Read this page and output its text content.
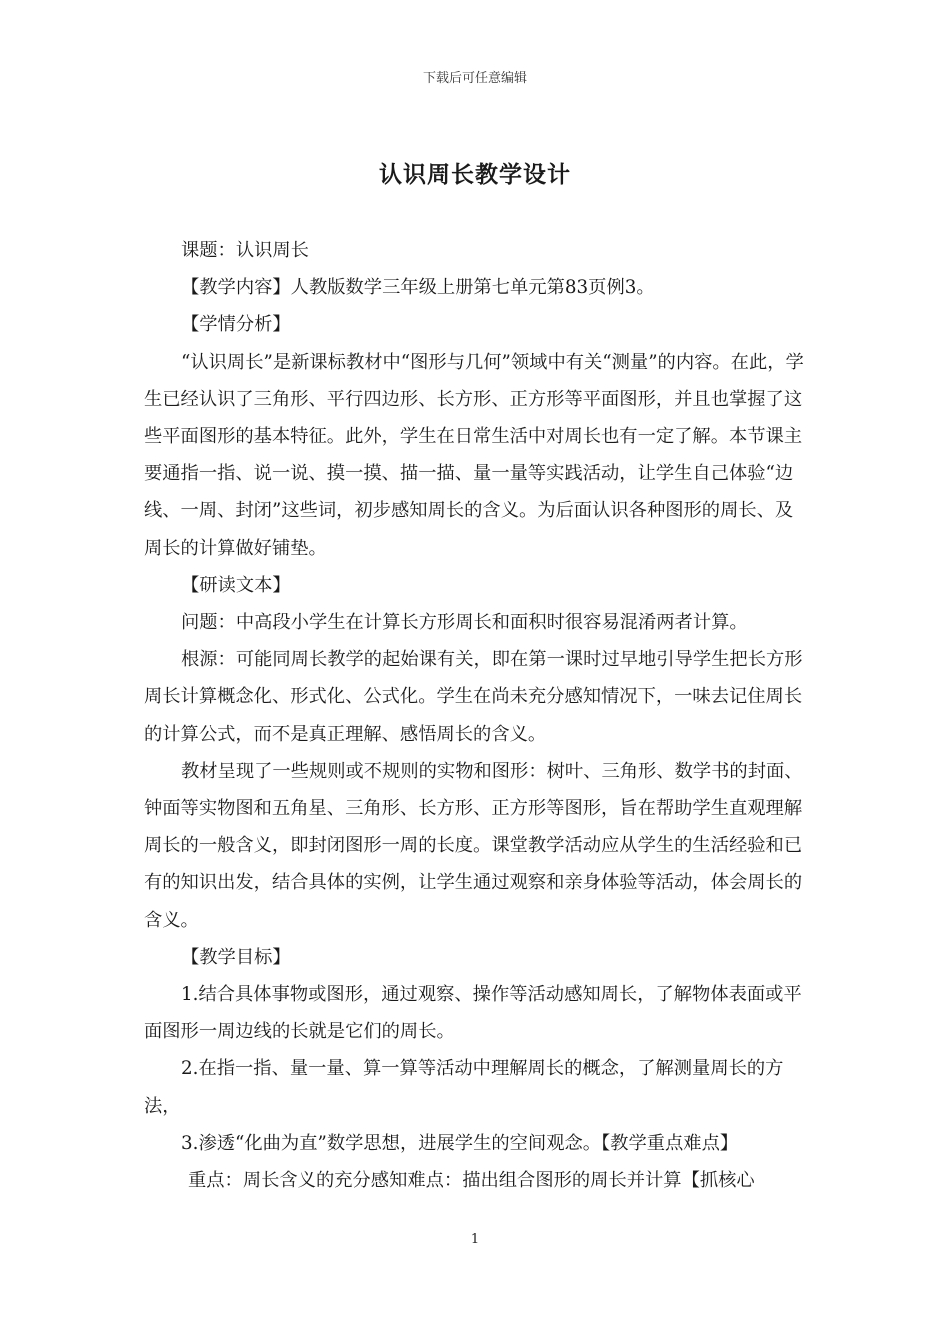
下载后可任意编辑
认识周长教学设计

课题：认识周长

【教学内容】人教版数学三年级上册第七单元第83页例3。

【学情分析】

“认识周长”是新课标教材中“图形与几何”领域中有关“测量”的内容。在此，学生已经认识了三角形、平行四边形、长方形、正方形等平面图形，并且也掌握了这些平面图形的基本特征。此外，学生在日常生活中对周长也有一定了解。本节课主要通指一指、说一说、摸一摸、描一描、量一量等实践活动，让学生自己体验“边线、一周、封闭”这些词，初步感知周长的含义。为后面认识各种图形的周长、及周长的计算做好铺垫。

【研读文本】

问题：中高段小学生在计算长方形周长和面积时很容易混淆两者计算。

根源：可能同周长教学的起始课有关，即在第一课时过早地引导学生把长方形周长计算概念化、形式化、公式化。学生在尚未充分感知情况下，一味去记住周长的计算公式，而不是真正理解、感悟周长的含义。

教材呈现了一些规则或不规则的实物和图形：树叶、三角形、数学书的封面、钟面等实物图和五角星、三角形、长方形、正方形等图形，旨在帮助学生直观理解周长的一般含义，即封闭图形一周的长度。课堂教学活动应从学生的生活经验和已有的知识出发，结合具体的实例，让学生通过观察和亲身体验等活动，体会周长的含义。

【教学目标】

1.结合具体事物或图形，通过观察、操作等活动感知周长，了解物体表面或平面图形一周边线的长就是它们的周长。

2.在指一指、量一量、算一算等活动中理解周长的概念，了解测量周长的方法，

3.渗透“化曲为直”数学思想，进展学生的空间观念。【教学重点难点】

重点：周长含义的充分感知难点：描出组合图形的周长并计算【抓核心

1
